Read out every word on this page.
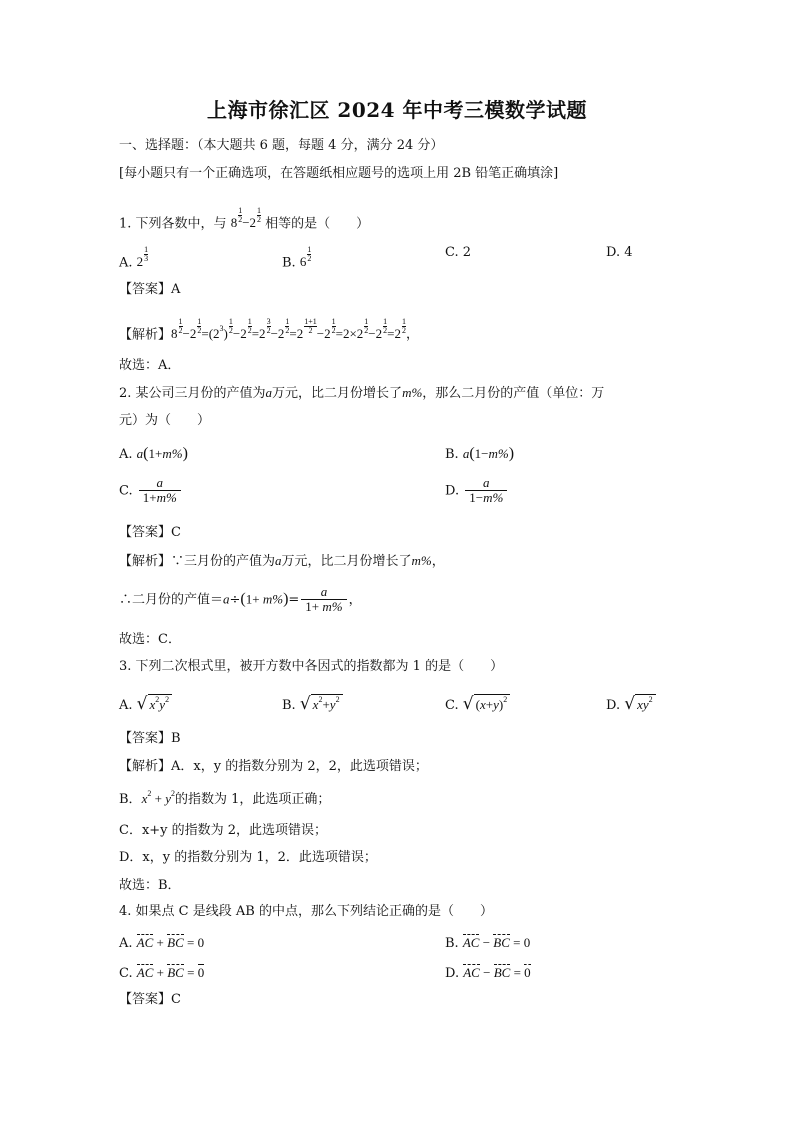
上海市徐汇区 2024 年中考三模数学试题
一、选择题：（本大题共 6 题，每题 4 分，满分 24 分）
[每小题只有一个正确选项，在答题纸相应题号的选项上用 2B 铅笔正确填涂]
1. 下列各数中，与 $8 \frac{1}{2} -2 \frac{1}{2}$ 相等的是（　　）
A. $2 \frac{1}{3}$	B. $6 \frac{1}{2}$	C. 2	D. 4
【答案】A
【解析】$8 \frac{1}{2} -2 \frac{1}{2} =(2^3) \frac{1}{2} -2 \frac{1}{2} =2 \frac{3}{2} -2 \frac{1}{2} =2 \frac{1+1}{2} -2 \frac{1}{2} =2\times 2 \frac{1}{2} -2 \frac{1}{2} =2 \frac{1}{2}$ ，
故选：A．
2. 某公司三月份的产值为a万元，比二月份增长了m%，那么二月份的产值（单位：万
元）为（　　）
A. a(1+m%)	B. a(1−m%)
C. $\frac{a}{1+m\%}$	D. $\frac{a}{1-m\%}$
【答案】C
【解析】∵三月份的产值为a万元，比二月份增长了m%，
∴二月份的产值$=a\div(1+ m\%)= \frac{a}{1+ m\%}$ ，
故选：C．
3. 下列二次根式里，被开方数中各因式的指数都为 1 的是（　　）
A. √ $x^2y^2$	B. √ $x^2+y^2$	C. √ $(x+y)^2$	D. √ $xy^2$
【答案】B
【解析】A．x，y 的指数分别为 2，2，此选项错误；
B．$x^2 + y^2$的指数为 1，此选项正确；
C．x+y 的指数为 2，此选项错误；
D．x，y 的指数分别为 1，2．此选项错误；
故选：B．
4. 如果点 C 是线段 AB 的中点，那么下列结论正确的是（　　）
A. AC + BC = 0	B. AC − BC = 0
C. AC + BC = 0	D. AC − BC = 0
【答案】C
